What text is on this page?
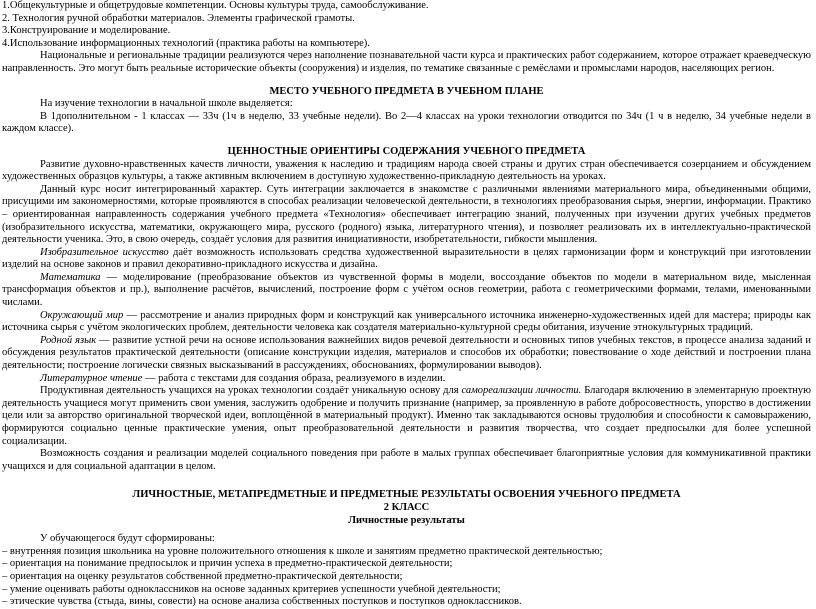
1.Общекультурные и общетрудовые компетенции. Основы культуры труда, самообслуживание.

2. Технология ручной обработки материалов. Элементы графической грамоты.

3.Конструирование и моделирование.

4.Использование информационных технологий (практика работы на компьютере).

Национальные и региональные традиции реализуются через наполнение познавательной части курса и практических работ содержанием, которое отражает краеведческую направленность. Это могут быть реальные исторические объекты (сооружения) и изделия, по тематике связанные с ремёслами и промыслами народов, населяющих регион.

МЕСТО УЧЕБНОГО ПРЕДМЕТА В УЧЕБНОМ ПЛАНЕ

На изучение технологии в начальной школе выделяется:

В 1дополнительном - 1 классах — 33ч (1ч в неделю, 33 учебные недели). Во 2—4 классах на уроки технологии отводится по 34ч (1 ч в неделю, 34 учебные недели в каждом классе).

ЦЕННОСТНЫЕ ОРИЕНТИРЫ СОДЕРЖАНИЯ УЧЕБНОГО ПРЕДМЕТА

Развитие духовно-нравственных качеств личности, уважения к наследию и традициям народа своей страны и других стран обеспечивается созерцанием и обсуждением художественных образцов культуры, а также активным включением в доступную художественно-прикладную деятельность на уроках.

Данный курс носит интегрированный характер. Суть интеграции заключается в знакомстве с различными явлениями материального мира, объединенными общими, присущими им закономерностями, которые проявляются в способах реализации человеческой деятельности, в технологиях преобразования сырья, энергии, информации. Практико – ориентированная направленность содержания учебного предмета «Технология» обеспечивает интеграцию знаний, полученных при изучении других учебных предметов (изобразительного искусства, математики, окружающего мира, русского (родного) языка, литературного чтения), и позволяет реализовать их в интеллектуально-практической деятельности ученика. Это, в свою очередь, создаёт условия для развития инициативности, изобретательности, гибкости мышления.

Изобразительное искусство даёт возможность использовать средства художественной выразительности в целях гармонизации форм и конструкций при изготовлении изделий на основе законов и правил декоративно-прикладного искусства и дизайна.

Математика — моделирование (преобразование объектов из чувственной формы в модели, воссоздание объектов по модели в материальном виде, мысленная трансформация объектов и пр.), выполнение расчётов, вычислений, построение форм с учётом основ геометрии, работа с геометрическими формами, телами, именованными числами.

Окружающий мир — рассмотрение и анализ природных форм и конструкций как универсального источника инженерно-художественных идей для мастера; природы как источника сырья с учётом экологических проблем, деятельности человека как создателя материально-культурной среды обитания, изучение этнокультурных традиций.

Родной язык — развитие устной речи на основе использования важнейших видов речевой деятельности и основных типов учебных текстов, в процессе анализа заданий и обсуждения результатов практической деятельности (описание конструкции изделия, материалов и способов их обработки; повествование о ходе действий и построении плана деятельности; построение логически связных высказываний в рассуждениях, обоснованиях, формулировании выводов).

Литературное чтение — работа с текстами для создания образа, реализуемого в изделии.

Продуктивная деятельность учащихся на уроках технологии создаёт уникальную основу для самореализации личности. Благодаря включению в элементарную проектную деятельность учащиеся могут применить свои умения, заслужить одобрение и получить признание (например, за проявленную в работе добросовестность, упорство в достижении цели или за авторство оригинальной творческой идеи, воплощённой в материальный продукт). Именно так закладываются основы трудолюбия и способности к самовыражению, формируются социально ценные практические умения, опыт преобразовательной деятельности и развития творчества, что создает предпосылки для более успешной социализации.

Возможность создания и реализации моделей социального поведения при работе в малых группах обеспечивает благоприятные условия для коммуникативной практики учащихся и для социальной адаптации в целом.

ЛИЧНОСТНЫЕ, МЕТАПРЕДМЕТНЫЕ И ПРЕДМЕТНЫЕ РЕЗУЛЬТАТЫ ОСВОЕНИЯ УЧЕБНОГО ПРЕДМЕТА

2 КЛАСС

Личностные результаты

У обучающегося будут сформированы:

– внутренняя позиция школьника на уровне положительного отношения к школе и занятиям предметно практической деятельностью;

– ориентация на понимание предпосылок и причин успеха в предметно-практической деятельности;

– ориентация на оценку результатов собственной предметно-практической деятельности;

– умение оценивать работы одноклассников на основе заданных критериев успешности учебной деятельности;

– этические чувства (стыда, вины, совести) на основе анализа собственных поступков и поступков одноклассников.
